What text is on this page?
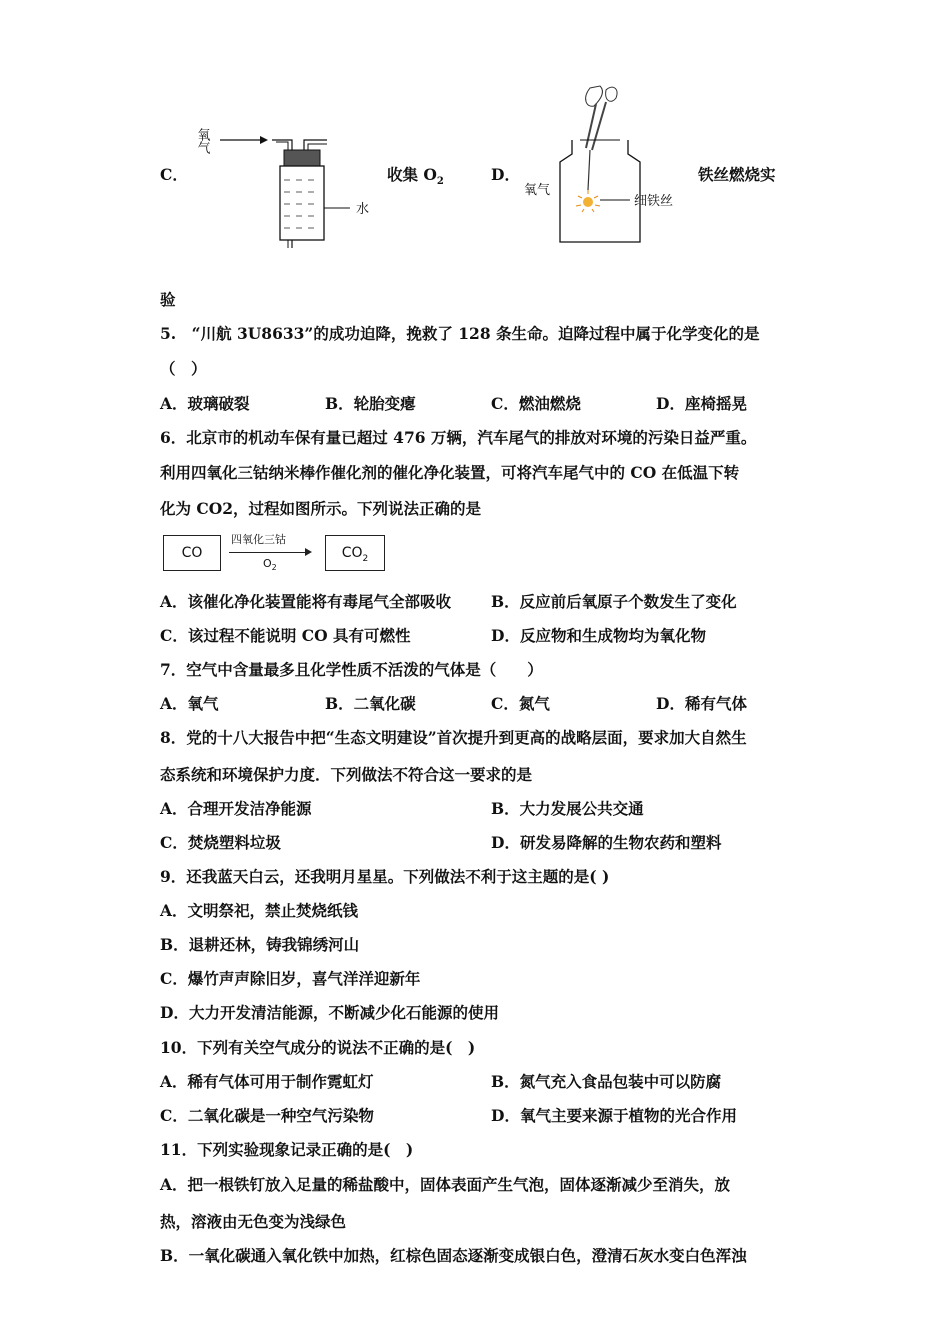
C．
氧气
水
收集 $O_2$	D．
氧气
细铁丝
铁丝燃烧实
验
5.　“川航 3U8633”的成功迫降，挽救了 128 条生命。迫降过程中属于化学变化的是
（　）
A．玻璃破裂	B．轮胎变瘪	C．燃油燃烧	D．座椅摇晃
6．北京市的机动车保有量已超过 476 万辆，汽车尾气的排放对环境的污染日益严重。
利用四氧化三钴纳米棒作催化剂的催化净化装置，可将汽车尾气中的 CO 在低温下转
化为 CO2，过程如图所示。下列说法正确的是
CO
四氧化三钴
$O_2$
$CO_2$
A．该催化净化装置能将有毒尾气全部吸收	B．反应前后氧原子个数发生了变化
C．该过程不能说明 CO 具有可燃性	D．反应物和生成物均为氧化物
7．空气中含量最多且化学性质不活泼的气体是（　　）
A．氧气	B．二氧化碳	C．氮气	D．稀有气体
8．党的十八大报告中把“生态文明建设”首次提升到更高的战略层面，要求加大自然生
态系统和环境保护力度．下列做法不符合这一要求的是
A．合理开发洁净能源	B．大力发展公共交通
C．焚烧塑料垃圾	D．研发易降解的生物农药和塑料
9．还我蓝天白云，还我明月星星。下列做法不利于这主题的是( )
A．文明祭祀，禁止焚烧纸钱
B．退耕还林，铸我锦绣河山
C．爆竹声声除旧岁，喜气洋洋迎新年
D．大力开发清洁能源，不断减少化石能源的使用
10．下列有关空气成分的说法不正确的是(　)
A．稀有气体可用于制作霓虹灯	B．氮气充入食品包装中可以防腐
C．二氧化碳是一种空气污染物	D．氧气主要来源于植物的光合作用
11．下列实验现象记录正确的是(　)
A．把一根铁钉放入足量的稀盐酸中，固体表面产生气泡，固体逐渐减少至消失，放
热，溶液由无色变为浅绿色
B．一氧化碳通入氧化铁中加热，红棕色固态逐渐变成银白色，澄清石灰水变白色浑浊
